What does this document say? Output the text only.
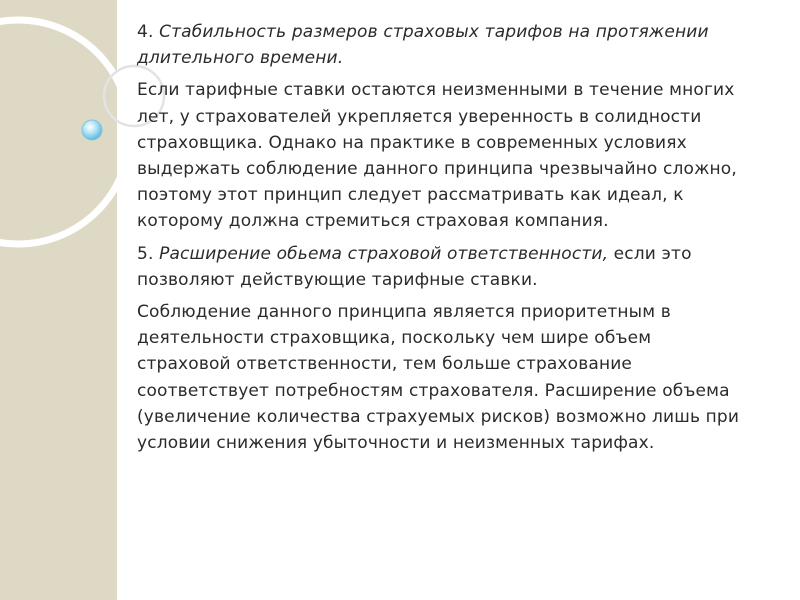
4. Стабильность размеров страховых тарифов на протяжении длительного времени.

Если тарифные ставки остаются неизменными в течение многих лет, у страхователей укрепляется уверенность в солидности страховщика. Однако на практике в современных условиях выдержать соблюдение данного принципа чрезвычайно сложно, поэтому этот принцип следует рассматривать как идеал, к которому должна стремиться страховая компания.

5. Расширение обьема страховой ответственности, если это позволяют действующие тарифные ставки.

Соблюдение данного принципа является приоритетным в деятельности страховщика, поскольку чем шире объем страховой ответственности, тем больше страхование соответствует потребностям страхователя. Расширение объема (увеличение количества страхуемых рисков) возможно лишь при условии снижения убыточности и неизменных тарифах.
